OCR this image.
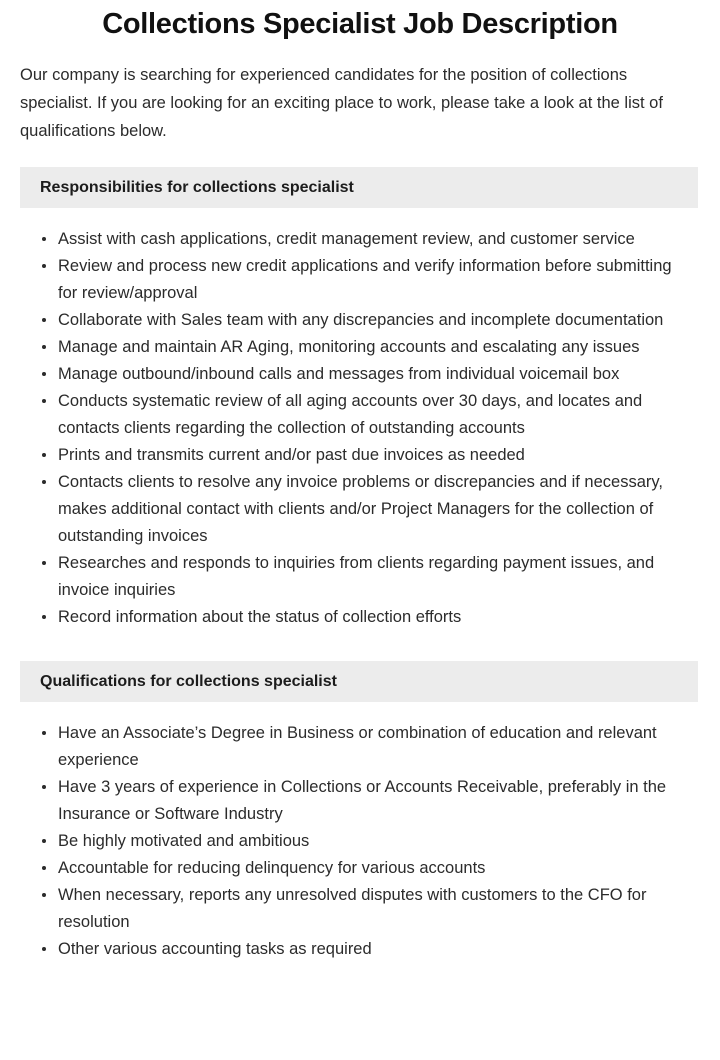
Collections Specialist Job Description

Our company is searching for experienced candidates for the position of collections specialist. If you are looking for an exciting place to work, please take a look at the list of qualifications below.

Responsibilities for collections specialist
Assist with cash applications, credit management review, and customer service
Review and process new credit applications and verify information before submitting for review/approval
Collaborate with Sales team with any discrepancies and incomplete documentation
Manage and maintain AR Aging, monitoring accounts and escalating any issues
Manage outbound/inbound calls and messages from individual voicemail box
Conducts systematic review of all aging accounts over 30 days, and locates and contacts clients regarding the collection of outstanding accounts
Prints and transmits current and/or past due invoices as needed
Contacts clients to resolve any invoice problems or discrepancies and if necessary, makes additional contact with clients and/or Project Managers for the collection of outstanding invoices
Researches and responds to inquiries from clients regarding payment issues, and invoice inquiries
Record information about the status of collection efforts
Qualifications for collections specialist
Have an Associate’s Degree in Business or combination of education and relevant experience
Have 3 years of experience in Collections or Accounts Receivable, preferably in the Insurance or Software Industry
Be highly motivated and ambitious
Accountable for reducing delinquency for various accounts
When necessary, reports any unresolved disputes with customers to the CFO for resolution
Other various accounting tasks as required
